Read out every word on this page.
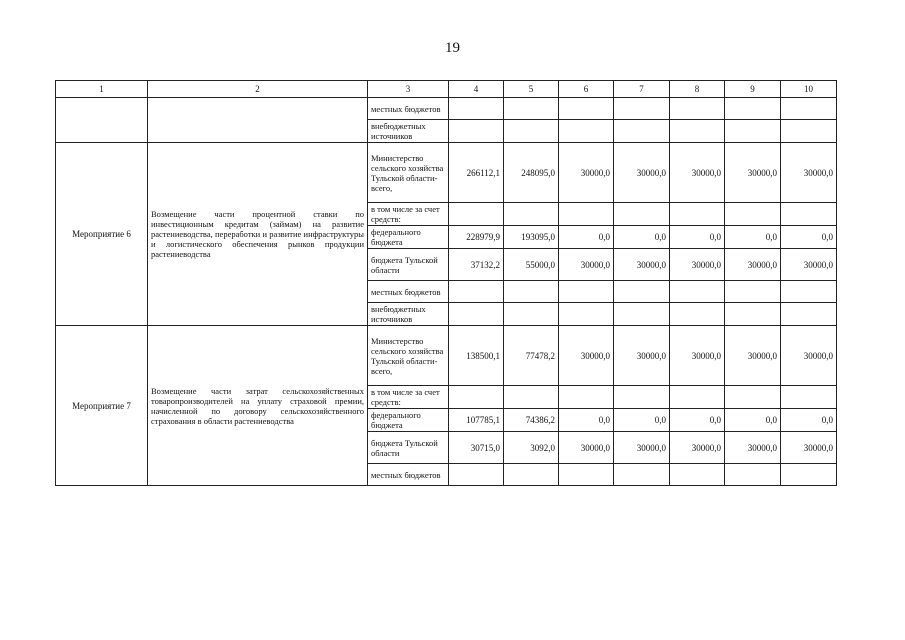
19
1	2	3	4	5	6	7	8	9	10
		местных бюджетов							
		внебюджетных источников							
Мероприятие 6	Возмещение части процентной ставки по инвестиционным кредитам (займам) на развитие растениеводства, переработки и развитие инфраструктуры и логистического обеспечения рынков продукции растениеводства	Министерство сельского хозяйства Тульской области- всего,	266112,1	248095,0	30000,0	30000,0	30000,0	30000,0	30000,0
		в том числе за счет средств:							
		федерального бюджета	228979,9	193095,0	0,0	0,0	0,0	0,0	0,0
		бюджета Тульской области	37132,2	55000,0	30000,0	30000,0	30000,0	30000,0	30000,0
		местных бюджетов							
		внебюджетных источников							
Мероприятие 7	Возмещение части затрат сельскохозяйственных товаропроизводителей на уплату страховой премии, начисленной по договору сельскохозяйственного страхования в области растениеводства	Министерство сельского хозяйства Тульской области- всего,	138500,1	77478,2	30000,0	30000,0	30000,0	30000,0	30000,0
		в том числе за счет средств:							
		федерального бюджета	107785,1	74386,2	0,0	0,0	0,0	0,0	0,0
		бюджета Тульской области	30715,0	3092,0	30000,0	30000,0	30000,0	30000,0	30000,0
		местных бюджетов							
